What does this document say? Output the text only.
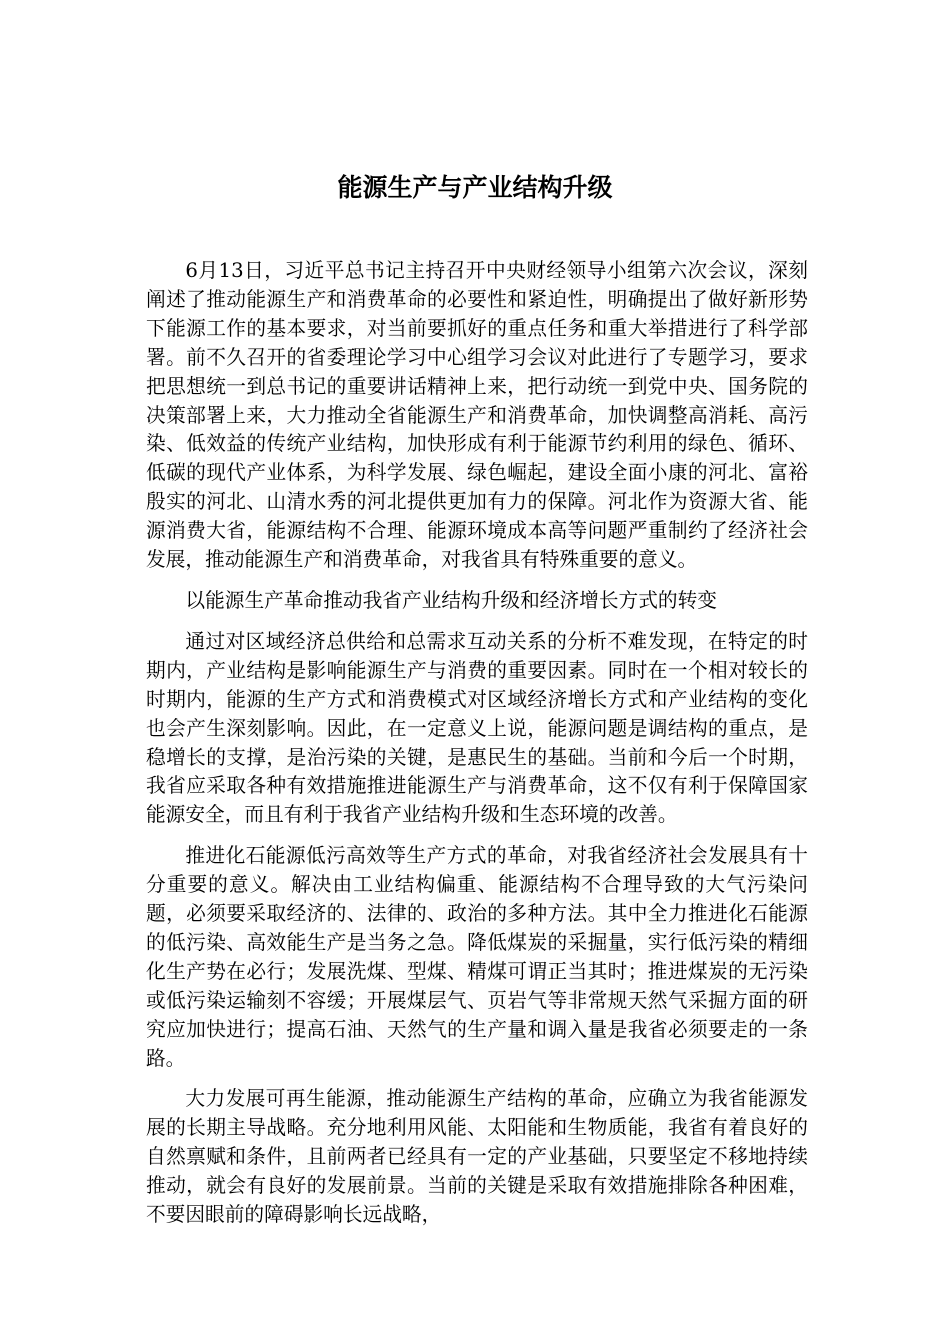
能源生产与产业结构升级

6月13日，习近平总书记主持召开中央财经领导小组第六次会议，深刻阐述了推动能源生产和消费革命的必要性和紧迫性，明确提出了做好新形势下能源工作的基本要求，对当前要抓好的重点任务和重大举措进行了科学部署。前不久召开的省委理论学习中心组学习会议对此进行了专题学习，要求把思想统一到总书记的重要讲话精神上来，把行动统一到党中央、国务院的决策部署上来，大力推动全省能源生产和消费革命，加快调整高消耗、高污染、低效益的传统产业结构，加快形成有利于能源节约利用的绿色、循环、低碳的现代产业体系，为科学发展、绿色崛起，建设全面小康的河北、富裕殷实的河北、山清水秀的河北提供更加有力的保障。河北作为资源大省、能源消费大省，能源结构不合理、能源环境成本高等问题严重制约了经济社会发展，推动能源生产和消费革命，对我省具有特殊重要的意义。

以能源生产革命推动我省产业结构升级和经济增长方式的转变

通过对区域经济总供给和总需求互动关系的分析不难发现，在特定的时期内，产业结构是影响能源生产与消费的重要因素。同时在一个相对较长的时期内，能源的生产方式和消费模式对区域经济增长方式和产业结构的变化也会产生深刻影响。因此，在一定意义上说，能源问题是调结构的重点，是稳增长的支撑，是治污染的关键，是惠民生的基础。当前和今后一个时期，我省应采取各种有效措施推进能源生产与消费革命，这不仅有利于保障国家能源安全，而且有利于我省产业结构升级和生态环境的改善。

推进化石能源低污高效等生产方式的革命，对我省经济社会发展具有十分重要的意义。解决由工业结构偏重、能源结构不合理导致的大气污染问题，必须要采取经济的、法律的、政治的多种方法。其中全力推进化石能源的低污染、高效能生产是当务之急。降低煤炭的采掘量，实行低污染的精细化生产势在必行；发展洗煤、型煤、精煤可谓正当其时；推进煤炭的无污染或低污染运输刻不容缓；开展煤层气、页岩气等非常规天然气采掘方面的研究应加快进行；提高石油、天然气的生产量和调入量是我省必须要走的一条路。

大力发展可再生能源，推动能源生产结构的革命，应确立为我省能源发展的长期主导战略。充分地利用风能、太阳能和生物质能，我省有着良好的自然禀赋和条件，且前两者已经具有一定的产业基础，只要坚定不移地持续推动，就会有良好的发展前景。当前的关键是采取有效措施排除各种困难，不要因眼前的障碍影响长远战略，
